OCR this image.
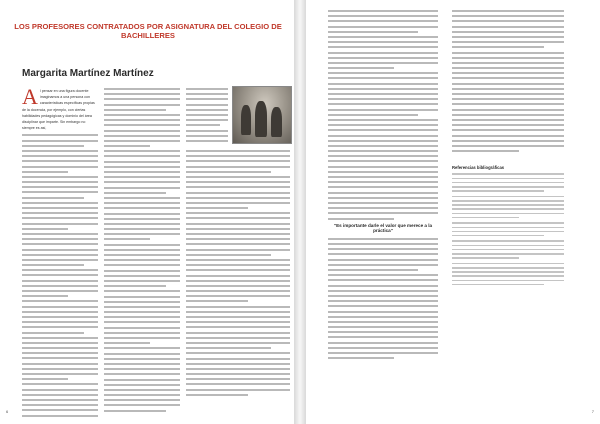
LOS PROFESORES CONTRATADOS POR ASIGNATURA DEL COLEGIO DE BACHILLERES
Margarita Martínez Martínez
A l pensar en una figura docente imaginamos a una persona con características específicas propias de la docencia, por ejemplo, con ciertas habilidades pedagógicas y dominio del área disciplinar que imparte. Sin embargo no siempre es así,
6
"Es importante darle el valor que merece a la práctica"
Referencias bibliográficas
7
